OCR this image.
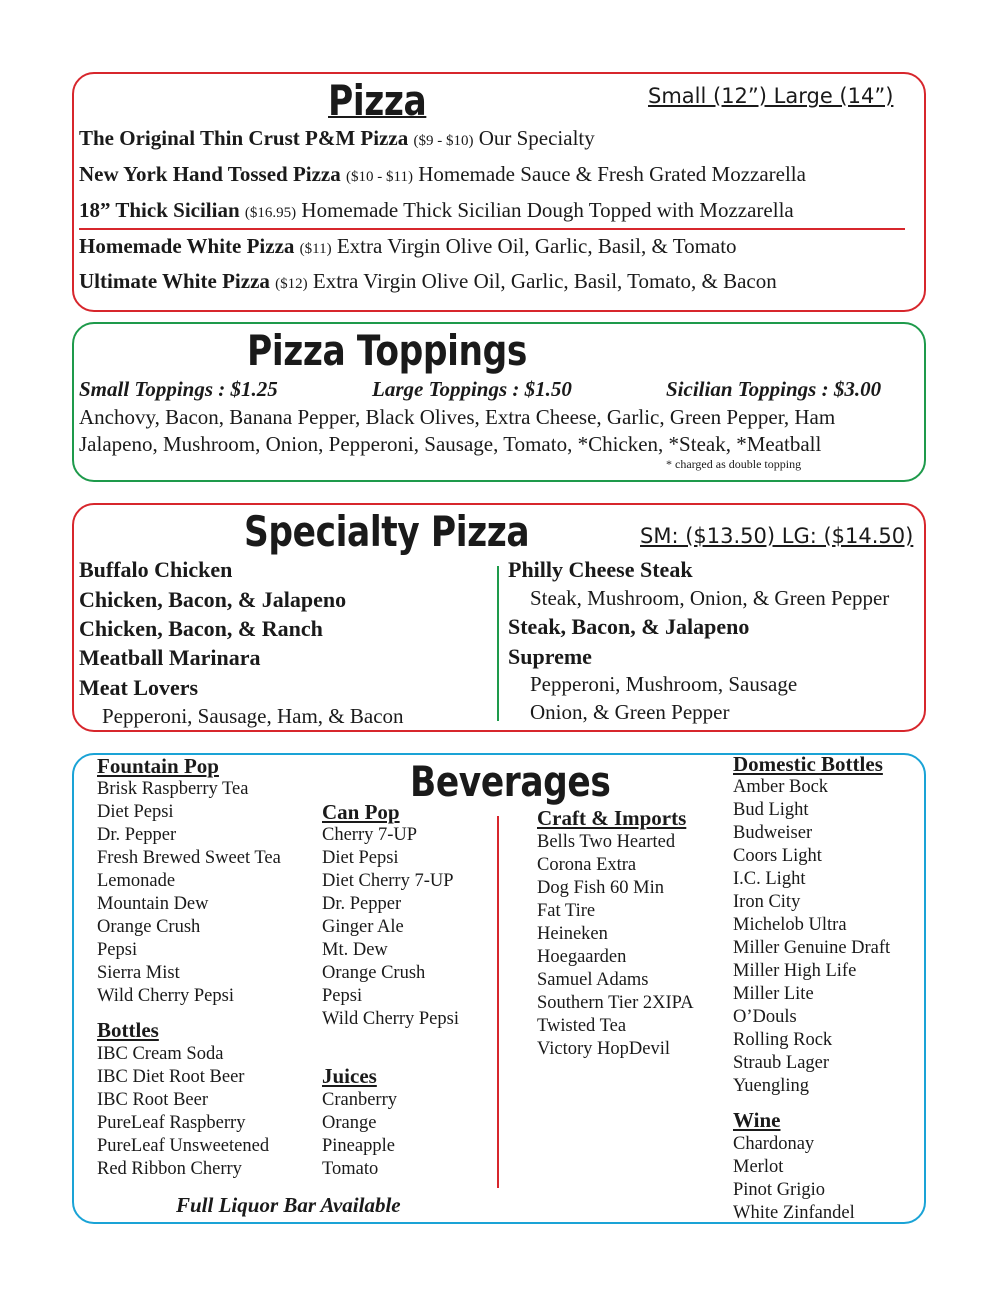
Pizza	Small (12”) Large (14”)
The Original Thin Crust P&M Pizza ($9 - $10) Our Specialty
New York Hand Tossed Pizza ($10 - $11) Homemade Sauce & Fresh Grated Mozzarella
18” Thick Sicilian ($16.95) Homemade Thick Sicilian Dough Topped with Mozzarella
Homemade White Pizza ($11) Extra Virgin Olive Oil, Garlic, Basil, & Tomato
Ultimate White Pizza ($12) Extra Virgin Olive Oil, Garlic, Basil, Tomato, & Bacon
Pizza Toppings
Small Toppings : $1.25	Large Toppings : $1.50	Sicilian Toppings : $3.00
Anchovy, Bacon, Banana Pepper, Black Olives, Extra Cheese, Garlic, Green Pepper, Ham
Jalapeno, Mushroom, Onion, Pepperoni, Sausage, Tomato, *Chicken, *Steak, *Meatball
* charged as double topping
Specialty Pizza	SM: ($13.50) LG: ($14.50)
Buffalo Chicken
Chicken, Bacon, & Jalapeno
Chicken, Bacon, & Ranch
Meatball Marinara
Meat Lovers
Pepperoni, Sausage, Ham, & Bacon
Philly Cheese Steak
Steak, Mushroom, Onion, & Green Pepper
Steak, Bacon, & Jalapeno
Supreme
Pepperoni, Mushroom, Sausage
Onion, & Green Pepper
Beverages
Fountain Pop
Brisk Raspberry Tea
Diet Pepsi
Dr. Pepper
Fresh Brewed Sweet Tea
Lemonade
Mountain Dew
Orange Crush
Pepsi
Sierra Mist
Wild Cherry Pepsi
Bottles
IBC Cream Soda
IBC Diet Root Beer
IBC Root Beer
PureLeaf Raspberry
PureLeaf Unsweetened
Red Ribbon Cherry
Can Pop
Cherry 7-UP
Diet Pepsi
Diet Cherry 7-UP
Dr. Pepper
Ginger Ale
Mt. Dew
Orange Crush
Pepsi
Wild Cherry Pepsi
Juices
Cranberry
Orange
Pineapple
Tomato
Craft & Imports
Bells Two Hearted
Corona Extra
Dog Fish 60 Min
Fat Tire
Heineken
Hoegaarden
Samuel Adams
Southern Tier 2XIPA
Twisted Tea
Victory HopDevil
Domestic Bottles
Amber Bock
Bud Light
Budweiser
Coors Light
I.C. Light
Iron City
Michelob Ultra
Miller Genuine Draft
Miller High Life
Miller Lite
O’Douls
Rolling Rock
Straub Lager
Yuengling
Wine
Chardonay
Merlot
Pinot Grigio
White Zinfandel
Full Liquor Bar Available
